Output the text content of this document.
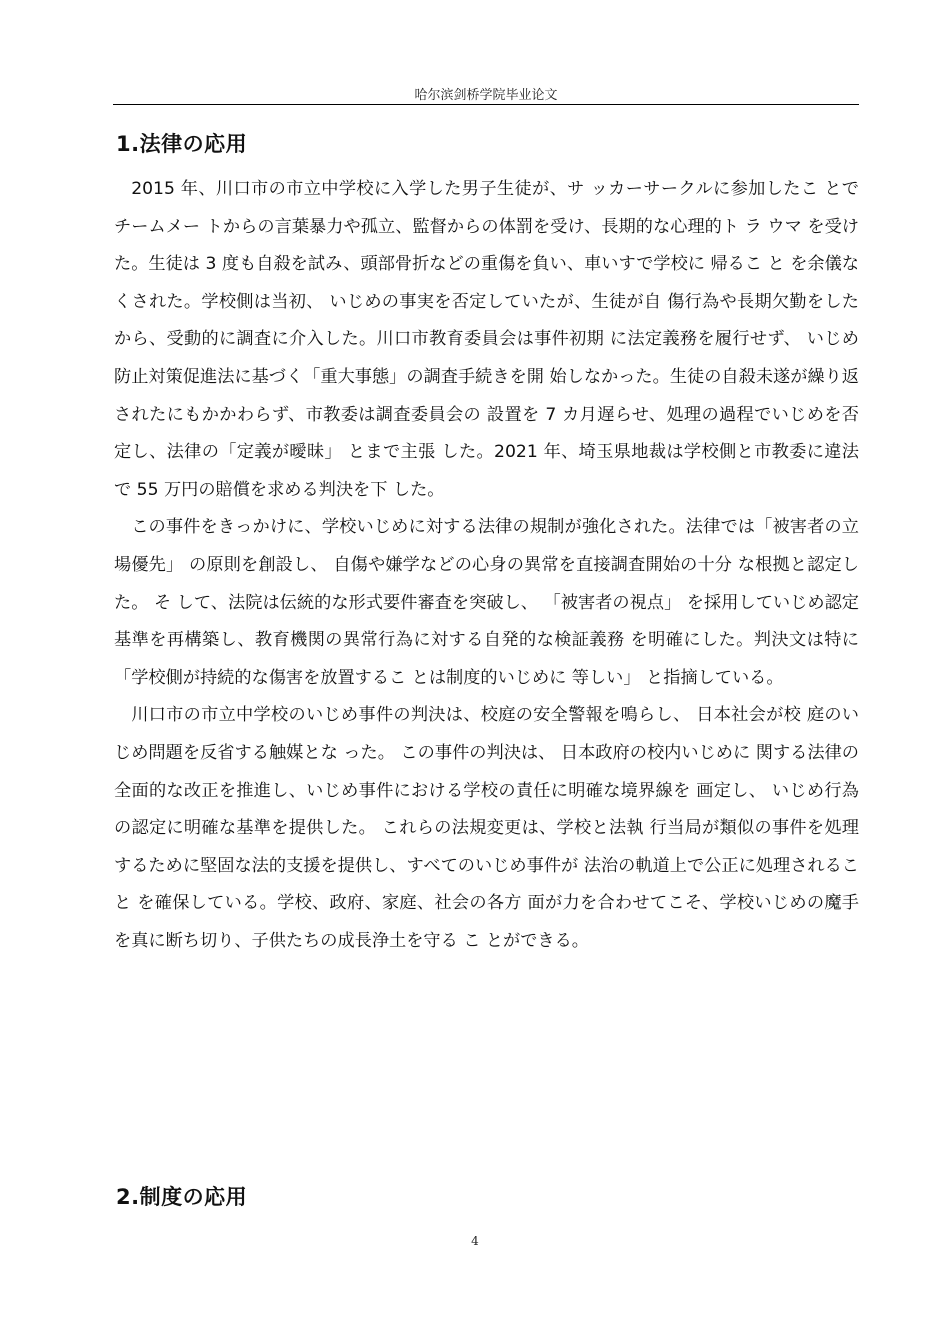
哈尔滨剑桥学院毕业论文
1.法律の応用

2015 年、川口市の市立中学校に入学した男子生徒が、サ ッカーサークルに参加したこ とでチームメー トからの言葉暴力や孤立、監督からの体罰を受け、長期的な心理的ト ラ ウマ を受けた。生徒は 3 度も自殺を試み、頭部骨折などの重傷を負い、車いすで学校に 帰るこ と を余儀なくされた。学校側は当初、 いじめの事実を否定していたが、生徒が自 傷行為や長期欠勤をしたから、受動的に調査に介入した。川口市教育委員会は事件初期 に法定義務を履行せず、 いじめ防止対策促進法に基づく「重大事態」の調査手続きを開 始しなかった。生徒の自殺未遂が繰り返されたにもかかわらず、市教委は調査委員会の 設置を 7 カ月遅らせ、処理の過程でいじめを否定し、法律の「定義が曖昧」 とまで主張 した。2021 年、埼玉県地裁は学校側と市教委に違法で 55 万円の賠償を求める判決を下 した。

この事件をきっかけに、学校いじめに対する法律の規制が強化された。法律では「被害者の立場優先」 の原則を創設し、 自傷や嫌学などの心身の異常を直接調査開始の十分 な根拠と認定した。 そ して、法院は伝統的な形式要件審査を突破し、 「被害者の視点」 を採用していじめ認定基準を再構築し、教育機関の異常行為に対する自発的な検証義務 を明確にした。判決文は特に「学校側が持続的な傷害を放置するこ とは制度的いじめに 等しい」 と指摘している。

川口市の市立中学校のいじめ事件の判決は、校庭の安全警報を鳴らし、 日本社会が校 庭のいじめ問題を反省する触媒とな った。 この事件の判決は、 日本政府の校内いじめに 関する法律の全面的な改正を推進し、いじめ事件における学校の責任に明確な境界線を 画定し、 いじめ行為の認定に明確な基準を提供した。 これらの法規変更は、学校と法執 行当局が類似の事件を処理するために堅固な法的支援を提供し、すべてのいじめ事件が 法治の軌道上で公正に処理されるこ と を確保している。学校、政府、家庭、社会の各方 面が力を合わせてこそ、学校いじめの魔手を真に断ち切り、子供たちの成長浄土を守る こ とができる。

2.制度の応用
4
